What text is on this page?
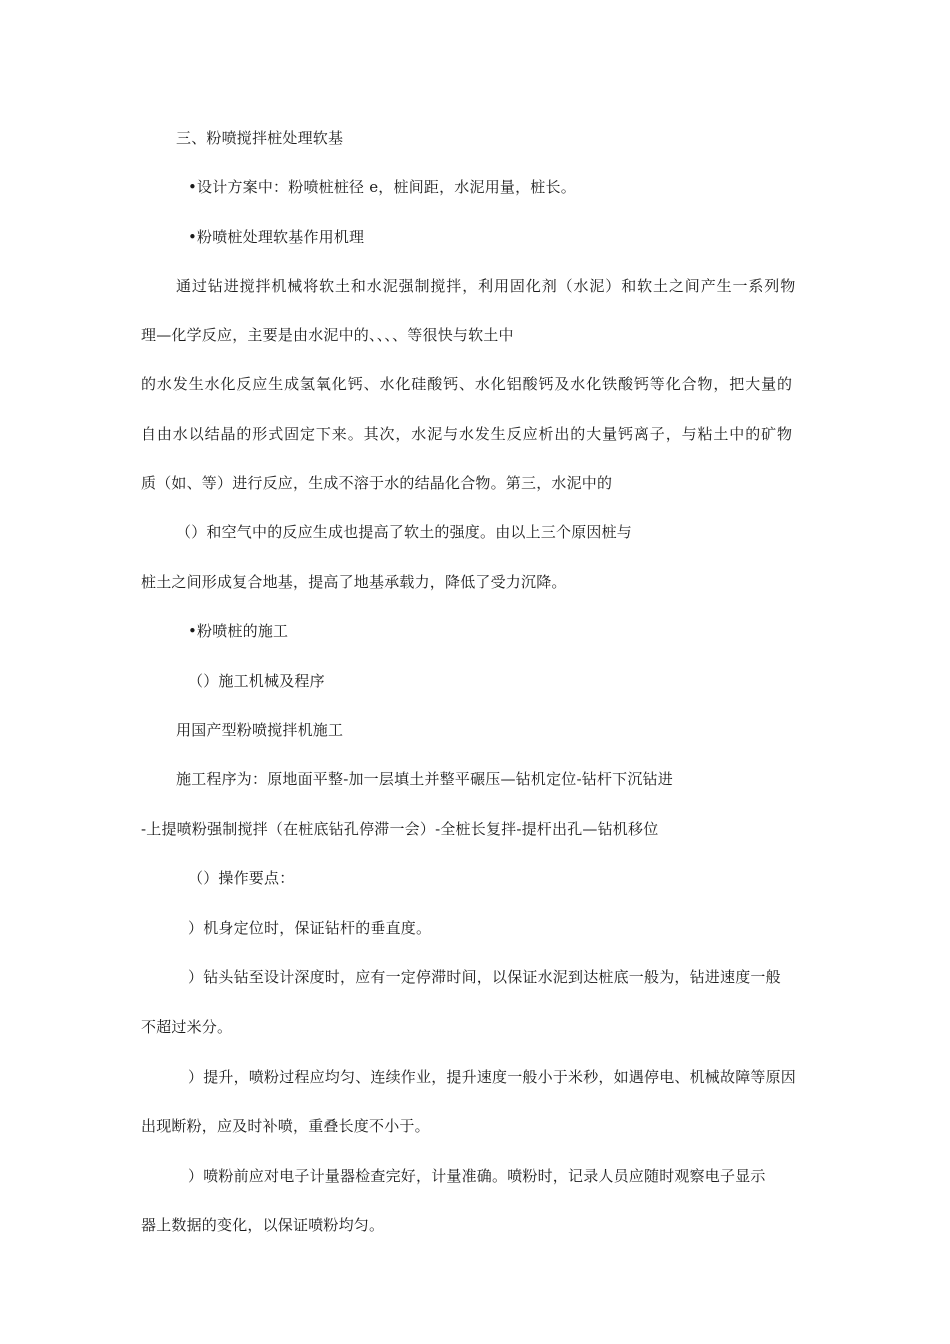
三、粉喷搅拌桩处理软基
•设计方案中：粉喷桩桩径 e，桩间距，水泥用量，桩长。
•粉喷桩处理软基作用机理
通过钻进搅拌机械将软土和水泥强制搅拌，利用固化剂（水泥）和软土之间产生一系列物
理—化学反应，主要是由水泥中的、、、、等很快与软土中
的水发生水化反应生成氢氧化钙、水化硅酸钙、水化铝酸钙及水化铁酸钙等化合物，把大量的
自由水以结晶的形式固定下来。其次，水泥与水发生反应析出的大量钙离子，与粘土中的矿物
质（如、等）进行反应，生成不溶于水的结晶化合物。第三，水泥中的
（）和空气中的反应生成也提高了软土的强度。由以上三个原因桩与
桩土之间形成复合地基，提高了地基承载力，降低了受力沉降。
•粉喷桩的施工
（）施工机械及程序
用国产型粉喷搅拌机施工
施工程序为：原地面平整-加一层填土并整平碾压—钻机定位-钻杆下沉钻进
-上提喷粉强制搅拌（在桩底钻孔停滞一会）-全桩长复拌-提杆出孔—钻机移位
（）操作要点：
）机身定位时，保证钻杆的垂直度。
）钻头钻至设计深度时，应有一定停滞时间，以保证水泥到达桩底一般为，钻进速度一般
不超过米分。
）提升，喷粉过程应均匀、连续作业，提升速度一般小于米秒，如遇停电、机械故障等原因
出现断粉，应及时补喷，重叠长度不小于。
）喷粉前应对电子计量器检查完好，计量准确。喷粉时，记录人员应随时观察电子显示
器上数据的变化，以保证喷粉均匀。
